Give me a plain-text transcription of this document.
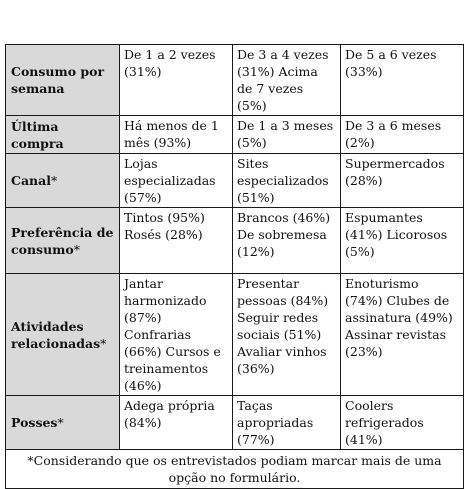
Consumo por semana	De 1 a 2 vezes (31%)	De 3 a 4 vezes (31%) Acima de 7 vezes (5%)	De 5 a 6 vezes (33%)
Última compra	Há menos de 1 mês (93%)	De 1 a 3 meses (5%)	De 3 a 6 meses (2%)
Canal*	Lojas especializadas (57%)	Sites especializados (51%)	Supermercados (28%)
Preferência de consumo*	Tintos (95%) Rosés (28%)	Brancos (46%) De sobremesa (12%)	Espumantes (41%) Licorosos (5%)
Atividades relacionadas*	Jantar harmonizado (87%) Confrarias (66%) Cursos e treinamentos (46%)	Presentar pessoas (84%) Seguir redes sociais (51%) Avaliar vinhos (36%)	Enoturismo (74%) Clubes de assinatura (49%) Assinar revistas (23%)
Posses*	Adega própria (84%)	Taças apropriadas (77%)	Coolers refrigerados (41%)
*Considerando que os entrevistados podiam marcar mais de uma opção no formulário.			
